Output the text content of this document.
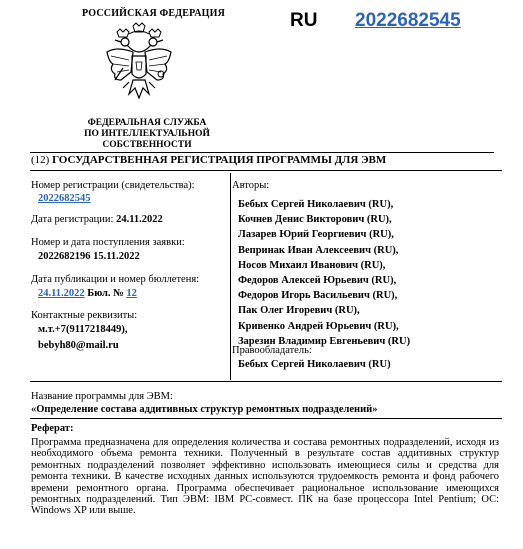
РОССИЙСКАЯ ФЕДЕРАЦИЯ
ФЕДЕРАЛЬНАЯ СЛУЖБА
ПО ИНТЕЛЛЕКТУАЛЬНОЙ СОБСТВЕННОСТИ
RU 2022682545
(12) ГОСУДАРСТВЕННАЯ РЕГИСТРАЦИЯ ПРОГРАММЫ ДЛЯ ЭВМ
Номер регистрации (свидетельства):
2022682545
Дата регистрации: 24.11.2022
Номер и дата поступления заявки:
2022682196 15.11.2022
Дата публикации и номер бюллетеня:
24.11.2022 Бюл. № 12
Контактные реквизиты:
м.т.+7(9117218449),
bebyh80@mail.ru
Авторы:
Бебых Сергей Николаевич (RU),
Кочнев Денис Викторович (RU),
Лазарев Юрий Георгиевич (RU),
Вепринак Иван Алексеевич (RU),
Носов Михаил Иванович (RU),
Федоров Алексей Юрьевич (RU),
Федоров Игорь Васильевич (RU),
Пак Олег Игоревич (RU),
Кривенко Андрей Юрьевич (RU),
Зарезин Владимир Евгеньевич (RU)
Правообладатель:
Бебых Сергей Николаевич (RU)
Название программы для ЭВМ:
«Определение состава аддитивных структур ремонтных подразделений»
Реферат:
Программа предназначена для определения количества и состава ремонтных подразделений, исходя из необходимого объема ремонта техники. Полученный в результате состав аддитивных структур ремонтных подразделений позволяет эффективно использовать имеющиеся силы и средства для ремонта техники. В качестве исходных данных используются трудоемкость ремонта и фонд рабочего времени ремонтного органа. Программа обеспечивает рациональное использование имеющихся ремонтных подразделений. Тип ЭВМ: IBM PC-совмест. ПК на базе процессора Intel Pentium; ОС: Windows XP или выше.
